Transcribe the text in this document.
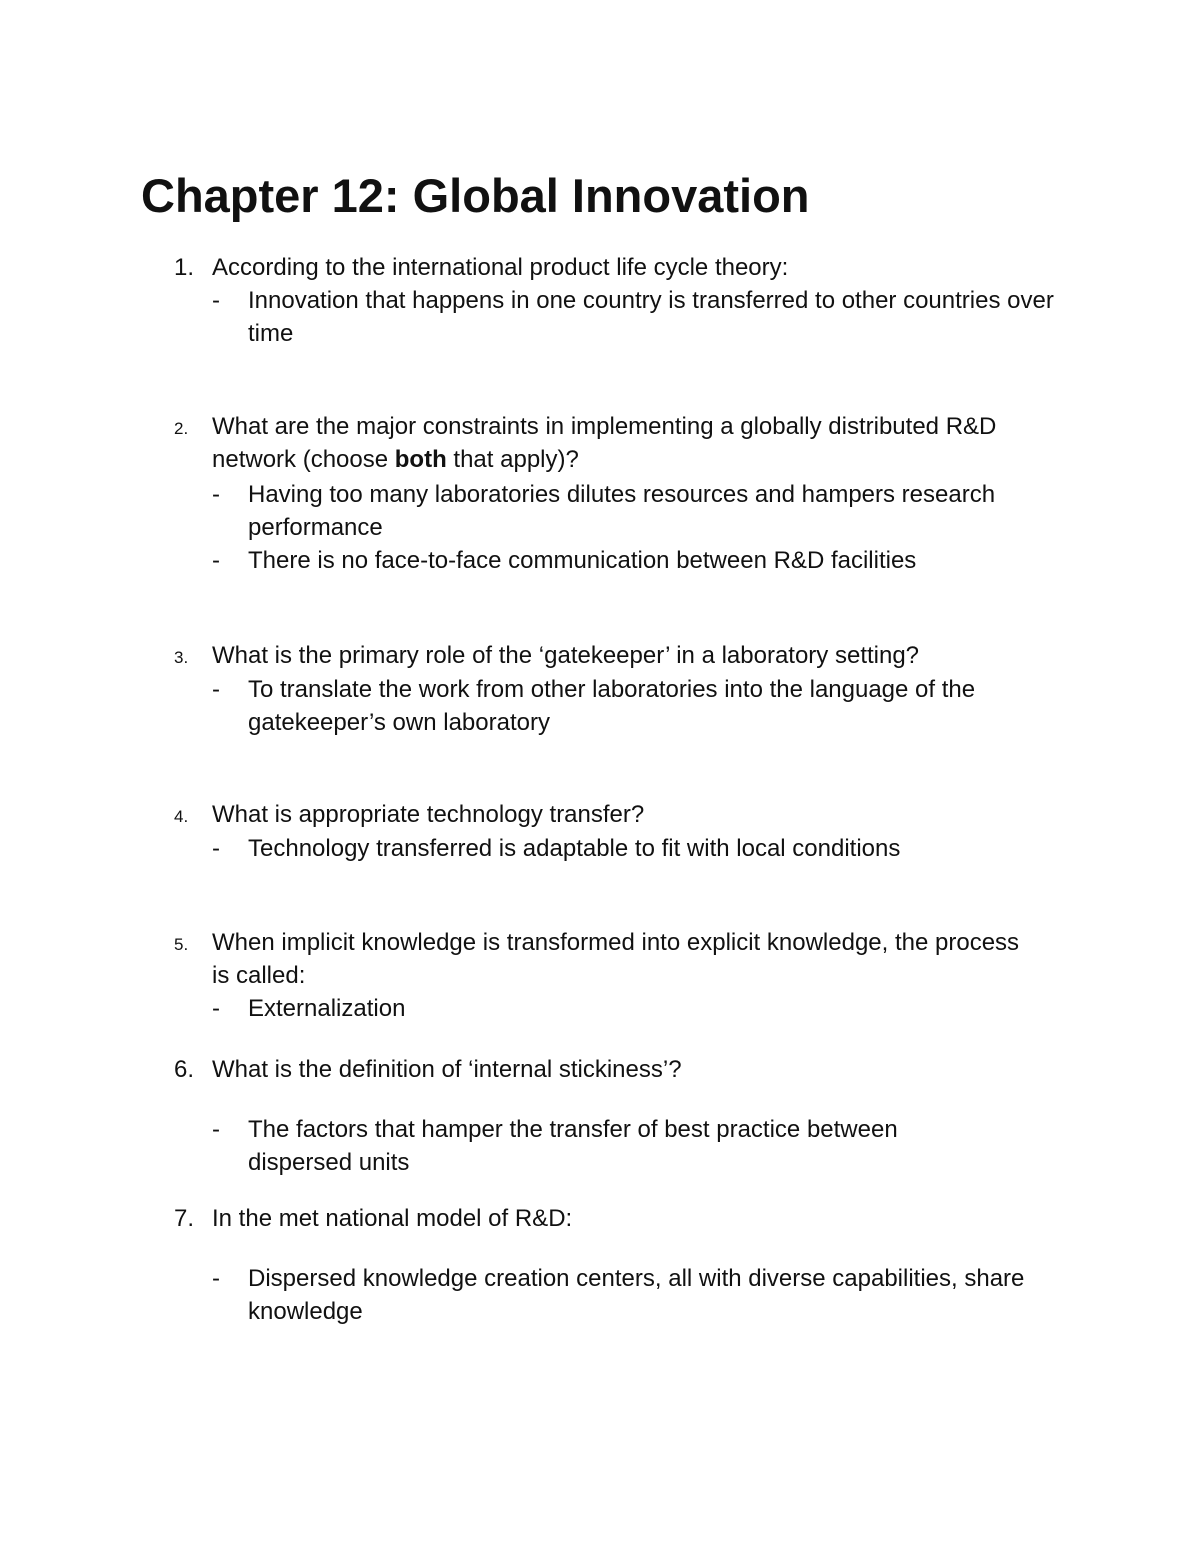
Chapter 12: Global Innovation
1. According to the international product life cycle theory:

- Innovation that happens in one country is transferred to other countries over time

2. What are the major constraints in implementing a globally distributed R&D network (choose both that apply)?

- Having too many laboratories dilutes resources and hampers research performance

- There is no face-to-face communication between R&D facilities

3. What is the primary role of the ‘gatekeeper’ in a laboratory setting?

- To translate the work from other laboratories into the language of the gatekeeper’s own laboratory

4. What is appropriate technology transfer?

- Technology transferred is adaptable to fit with local conditions

5. When implicit knowledge is transformed into explicit knowledge, the process is called:

- Externalization

6. What is the definition of ‘internal stickiness’?

- The factors that hamper the transfer of best practice between dispersed units

7. In the met national model of R&D:

- Dispersed knowledge creation centers, all with diverse capabilities, share knowledge
